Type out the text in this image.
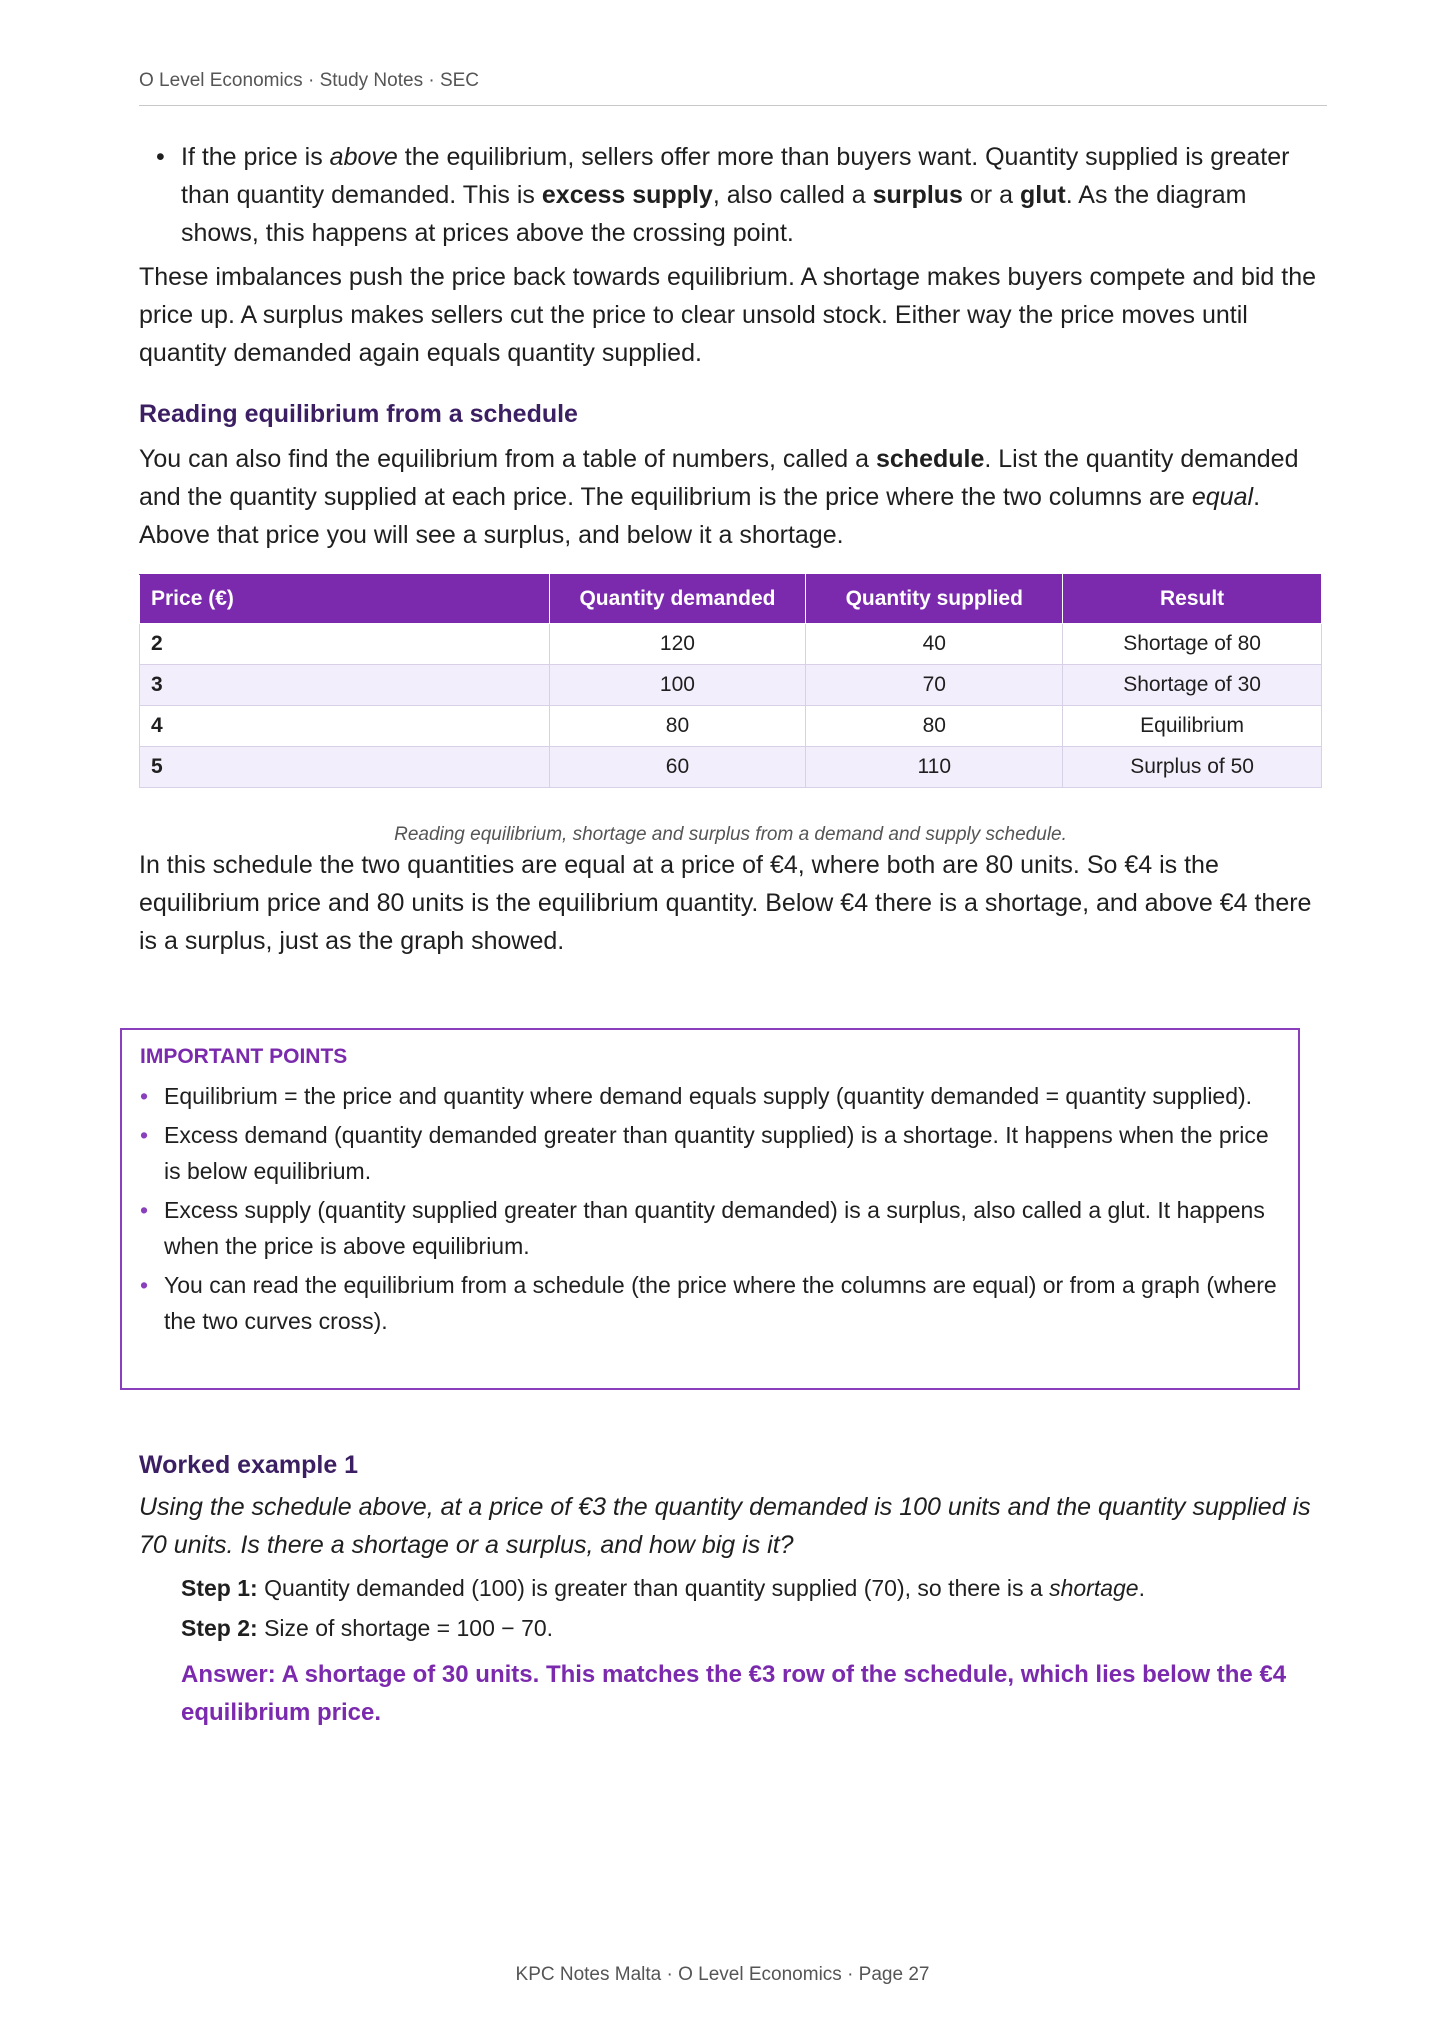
O Level Economics · Study Notes · SEC
• If the price is above the equilibrium, sellers offer more than buyers want. Quantity supplied is greater than quantity demanded. This is excess supply, also called a surplus or a glut. As the diagram shows, this happens at prices above the crossing point.

These imbalances push the price back towards equilibrium. A shortage makes buyers compete and bid the price up. A surplus makes sellers cut the price to clear unsold stock. Either way the price moves until quantity demanded again equals quantity supplied.

Reading equilibrium from a schedule

You can also find the equilibrium from a table of numbers, called a schedule. List the quantity demanded and the quantity supplied at each price. The equilibrium is the price where the two columns are equal. Above that price you will see a surplus, and below it a shortage.

Price (€)	Quantity demanded	Quantity supplied	Result
2	120	40	Shortage of 80
3	100	70	Shortage of 30
4	80	80	Equilibrium
5	60	110	Surplus of 50
Reading equilibrium, shortage and surplus from a demand and supply schedule.

In this schedule the two quantities are equal at a price of €4, where both are 80 units. So €4 is the equilibrium price and 80 units is the equilibrium quantity. Below €4 there is a shortage, and above €4 there is a surplus, just as the graph showed.

IMPORTANT POINTS
• Equilibrium = the price and quantity where demand equals supply (quantity demanded = quantity supplied).
• Excess demand (quantity demanded greater than quantity supplied) is a shortage. It happens when the price is below equilibrium.
• Excess supply (quantity supplied greater than quantity demanded) is a surplus, also called a glut. It happens when the price is above equilibrium.
• You can read the equilibrium from a schedule (the price where the columns are equal) or from a graph (where the two curves cross).
Worked example 1

Using the schedule above, at a price of €3 the quantity demanded is 100 units and the quantity supplied is 70 units. Is there a shortage or a surplus, and how big is it?

Step 1: Quantity demanded (100) is greater than quantity supplied (70), so there is a shortage.

Step 2: Size of shortage = 100 − 70.

Answer: A shortage of 30 units. This matches the €3 row of the schedule, which lies below the €4 equilibrium price.
KPC Notes Malta · O Level Economics · Page 27
